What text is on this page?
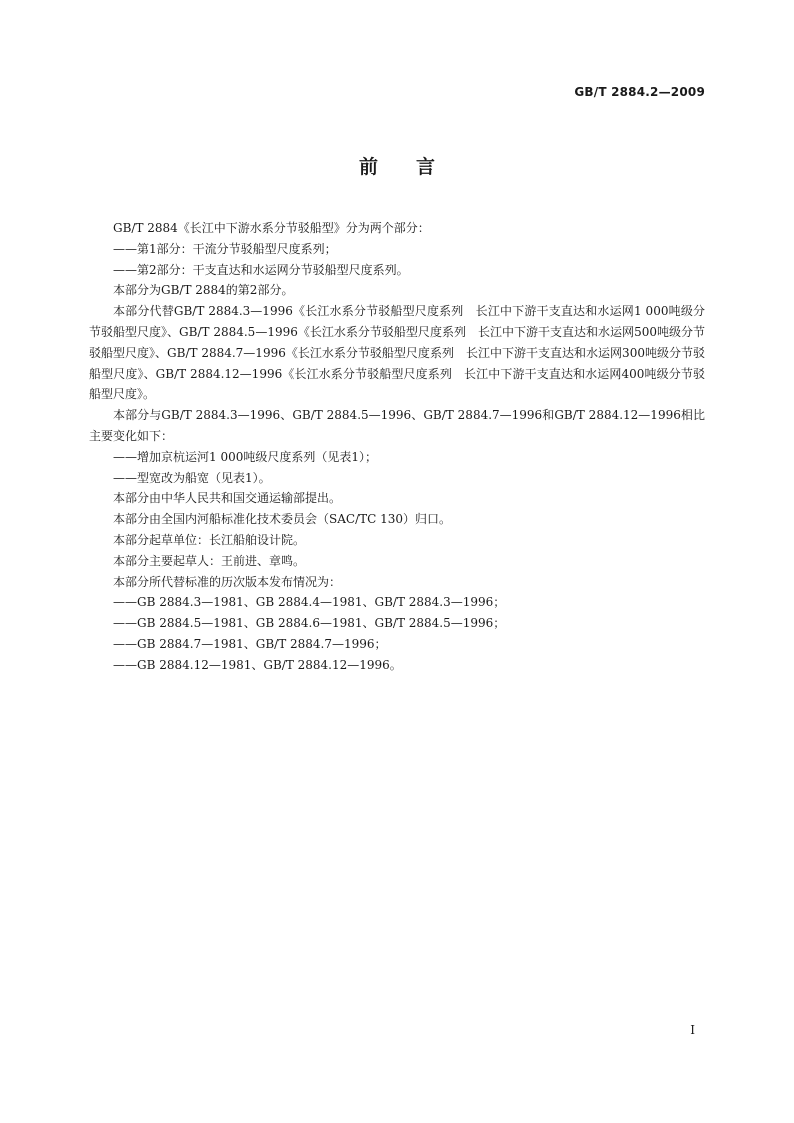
GB/T 2884.2—2009
前言

GB/T 2884《长江中下游水系分节驳船型》分为两个部分：

——第1部分：干流分节驳船型尺度系列；

——第2部分：干支直达和水运网分节驳船型尺度系列。

本部分为GB/T 2884的第2部分。

本部分代替GB/T 2884.3—1996《长江水系分节驳船型尺度系列　长江中下游干支直达和水运网1 000吨级分节驳船型尺度》、GB/T 2884.5—1996《长江水系分节驳船型尺度系列　长江中下游干支直达和水运网500吨级分节驳船型尺度》、GB/T 2884.7—1996《长江水系分节驳船型尺度系列　长江中下游干支直达和水运网300吨级分节驳船型尺度》、GB/T 2884.12—1996《长江水系分节驳船型尺度系列　长江中下游干支直达和水运网400吨级分节驳船型尺度》。

本部分与GB/T 2884.3—1996、GB/T 2884.5—1996、GB/T 2884.7—1996和GB/T 2884.12—1996相比主要变化如下：

——增加京杭运河1 000吨级尺度系列（见表1）；

——型宽改为船宽（见表1）。

本部分由中华人民共和国交通运输部提出。

本部分由全国内河船标准化技术委员会（SAC/TC 130）归口。

本部分起草单位：长江船舶设计院。

本部分主要起草人：王前进、章鸣。

本部分所代替标准的历次版本发布情况为：

——GB 2884.3—1981、GB 2884.4—1981、GB/T 2884.3—1996；

——GB 2884.5—1981、GB 2884.6—1981、GB/T 2884.5—1996；

——GB 2884.7—1981、GB/T 2884.7—1996；

——GB 2884.12—1981、GB/T 2884.12—1996。

I
